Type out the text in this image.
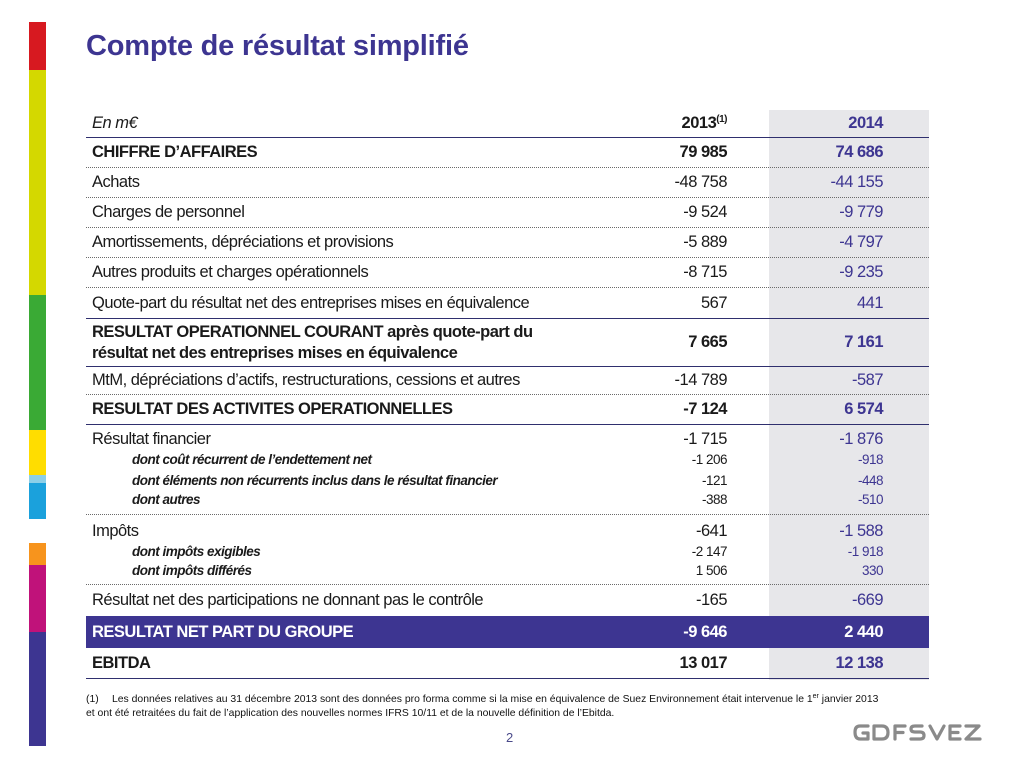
Compte de résultat simplifié
En m€	2013$^{(1)}$	2014
CHIFFRE D’AFFAIRES	79 985	74 686
Achats	-48 758	-44 155
Charges de personnel	-9 524	-9 779
Amortissements, dépréciations et provisions	-5 889	-4 797
Autres produits et charges opérationnels	-8 715	-9 235
Quote-part du résultat net des entreprises mises en équivalence	567	441
RESULTAT OPERATIONNEL COURANT après quote-part du
résultat net des entreprises mises en équivalence
7 665	7 161
MtM, dépréciations d’actifs, restructurations, cessions et autres	-14 789	-587
RESULTAT DES ACTIVITES OPERATIONNELLES	-7 124	6 574
Résultat financier	-1 715	-1 876
dont coût récurrent de l’endettement net	-1 206	-918
dont éléments non récurrents inclus dans le résultat financier	-121	-448
dont autres	-388	-510
Impôts	-641	-1 588
dont impôts exigibles	-2 147	-1 918
dont impôts différés	1 506	330
Résultat net des participations ne donnant pas le contrôle	-165	-669
RESULTAT NET PART DU GROUPE	-9 646	2 440
EBITDA	13 017	12 138
(1) Les données relatives au 31 décembre 2013 sont des données pro forma comme si la mise en équivalence de Suez Environnement était intervenue le 1er janvier 2013
et ont été retraitées du fait de l’application des nouvelles normes IFRS 10/11 et de la nouvelle définition de l’Ebitda.
2
